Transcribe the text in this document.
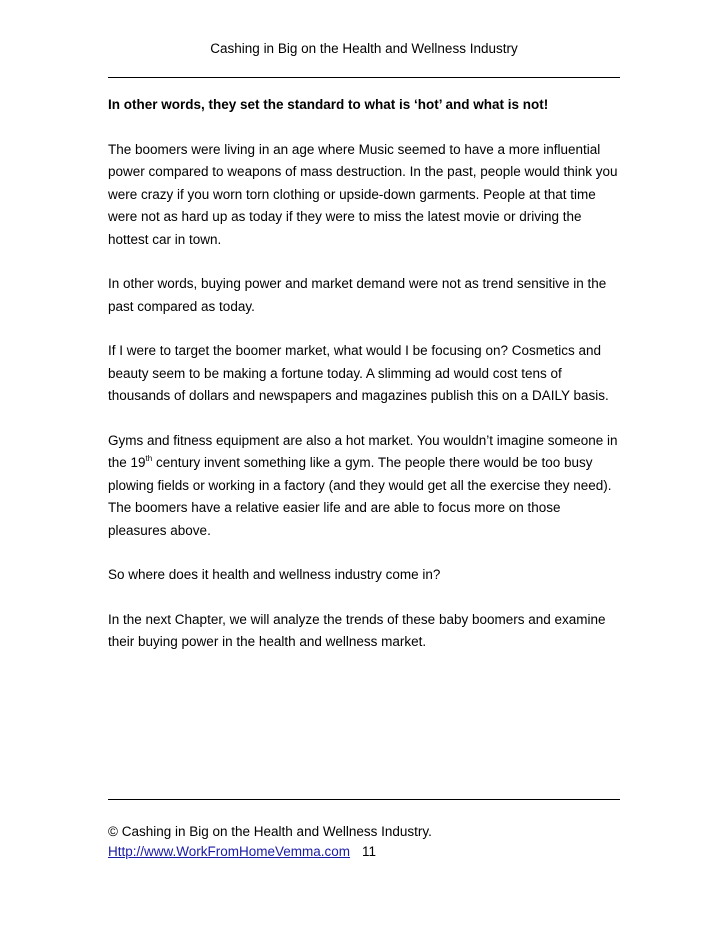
Cashing in Big on the Health and Wellness Industry

In other words, they set the standard to what is ‘hot’ and what is not!

The boomers were living in an age where Music seemed to have a more influential power compared to weapons of mass destruction. In the past, people would think you were crazy if you worn torn clothing or upside-down garments. People at that time were not as hard up as today if they were to miss the latest movie or driving the hottest car in town.

In other words, buying power and market demand were not as trend sensitive in the past compared as today.

If I were to target the boomer market, what would I be focusing on? Cosmetics and beauty seem to be making a fortune today. A slimming ad would cost tens of thousands of dollars and newspapers and magazines publish this on a DAILY basis.

Gyms and fitness equipment are also a hot market. You wouldn’t imagine someone in the 19th century invent something like a gym. The people there would be too busy plowing fields or working in a factory (and they would get all the exercise they need). The boomers have a relative easier life and are able to focus more on those pleasures above.

So where does it health and wellness industry come in?

In the next Chapter, we will analyze the trends of these baby boomers and examine their buying power in the health and wellness market.

© Cashing in Big on the Health and Wellness Industry.
Http://www.WorkFromHomeVemma.com 11
